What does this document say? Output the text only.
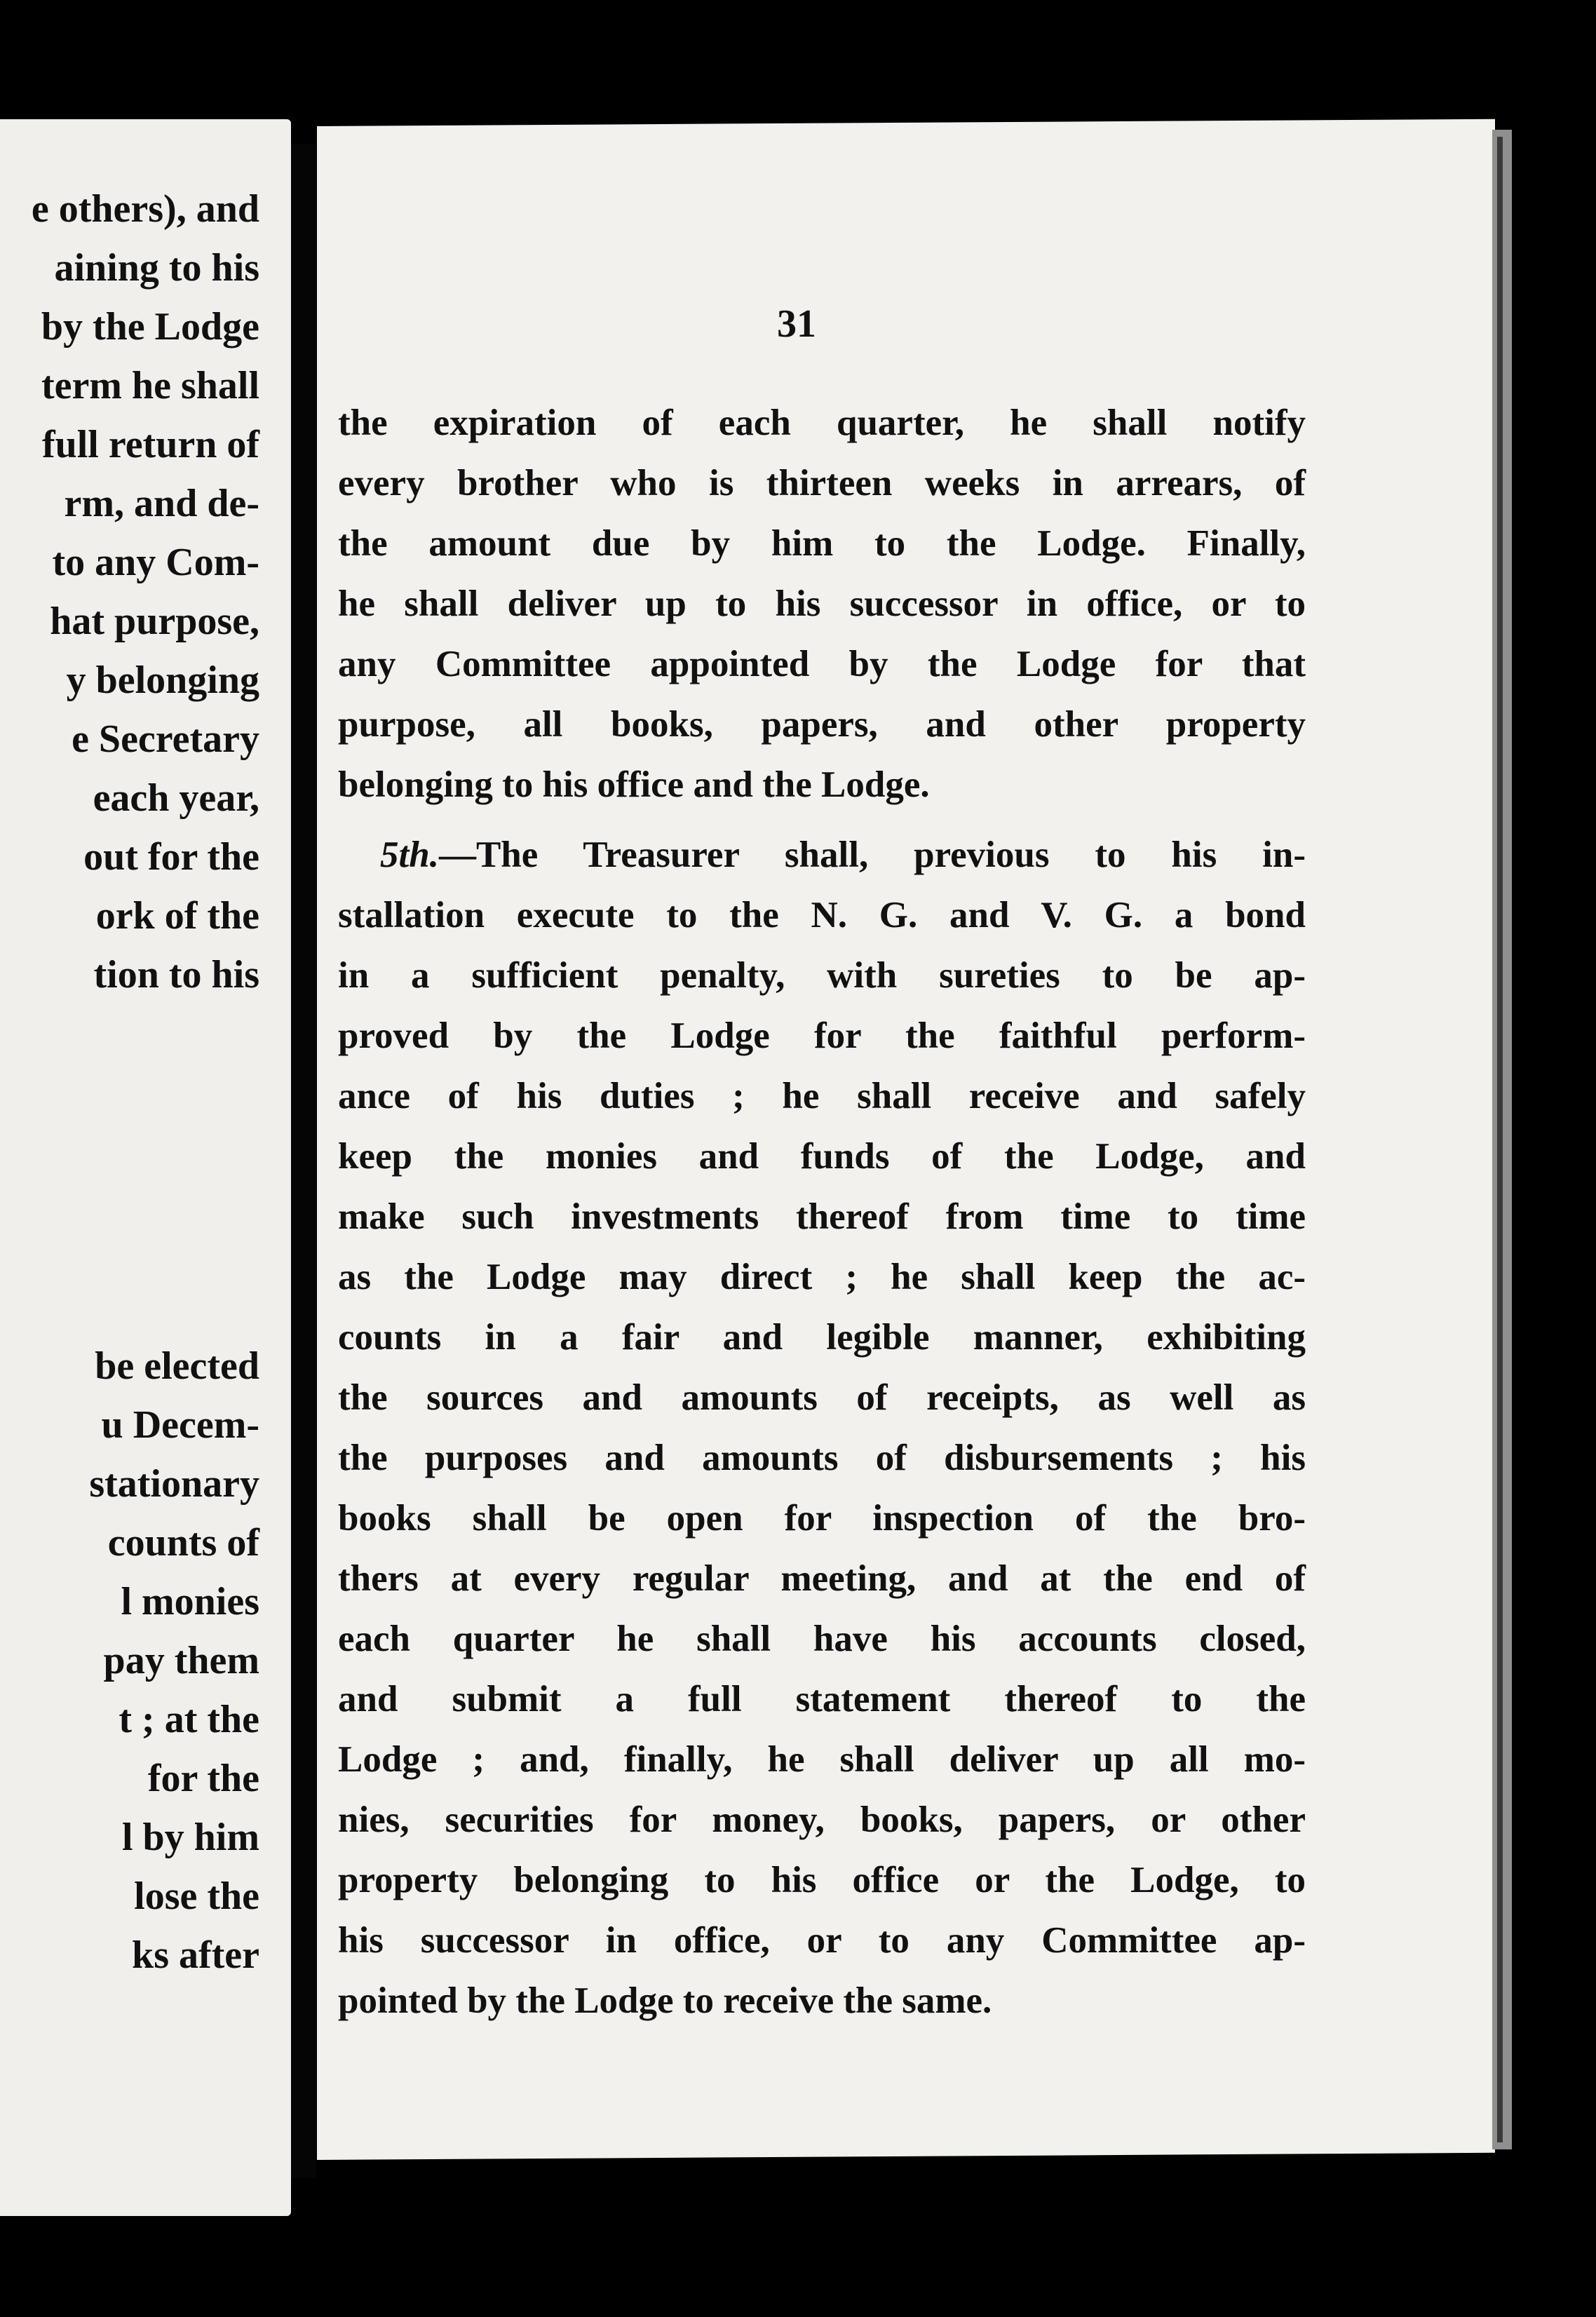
e others), and
aining to his
by the Lodge
term he shall
full return of
rm, and de-
to any Com-
hat purpose,
y belonging
e Secretary
each year,
out for the
ork of the
tion to his
be elected
u Decem-
stationary
counts of
l monies
pay them
t ; at the
for the
l by him
lose the
ks after
31
the expiration of each quarter, he shall notify
every brother who is thirteen weeks in arrears, of
the amount due by him to the Lodge. Finally,
he shall deliver up to his successor in office, or to
any Committee appointed by the Lodge for that
purpose, all books, papers, and other property
belonging to his office and the Lodge.
5th.—The Treasurer shall, previous to his in-
stallation execute to the N. G. and V. G. a bond
in a sufficient penalty, with sureties to be ap-
proved by the Lodge for the faithful perform-
ance of his duties ; he shall receive and safely
keep the monies and funds of the Lodge, and
make such investments thereof from time to time
as the Lodge may direct ; he shall keep the ac-
counts in a fair and legible manner, exhibiting
the sources and amounts of receipts, as well as
the purposes and amounts of disbursements ; his
books shall be open for inspection of the bro-
thers at every regular meeting, and at the end of
each quarter he shall have his accounts closed,
and submit a full statement thereof to the
Lodge ; and, finally, he shall deliver up all mo-
nies, securities for money, books, papers, or other
property belonging to his office or the Lodge, to
his successor in office, or to any Committee ap-
pointed by the Lodge to receive the same.
